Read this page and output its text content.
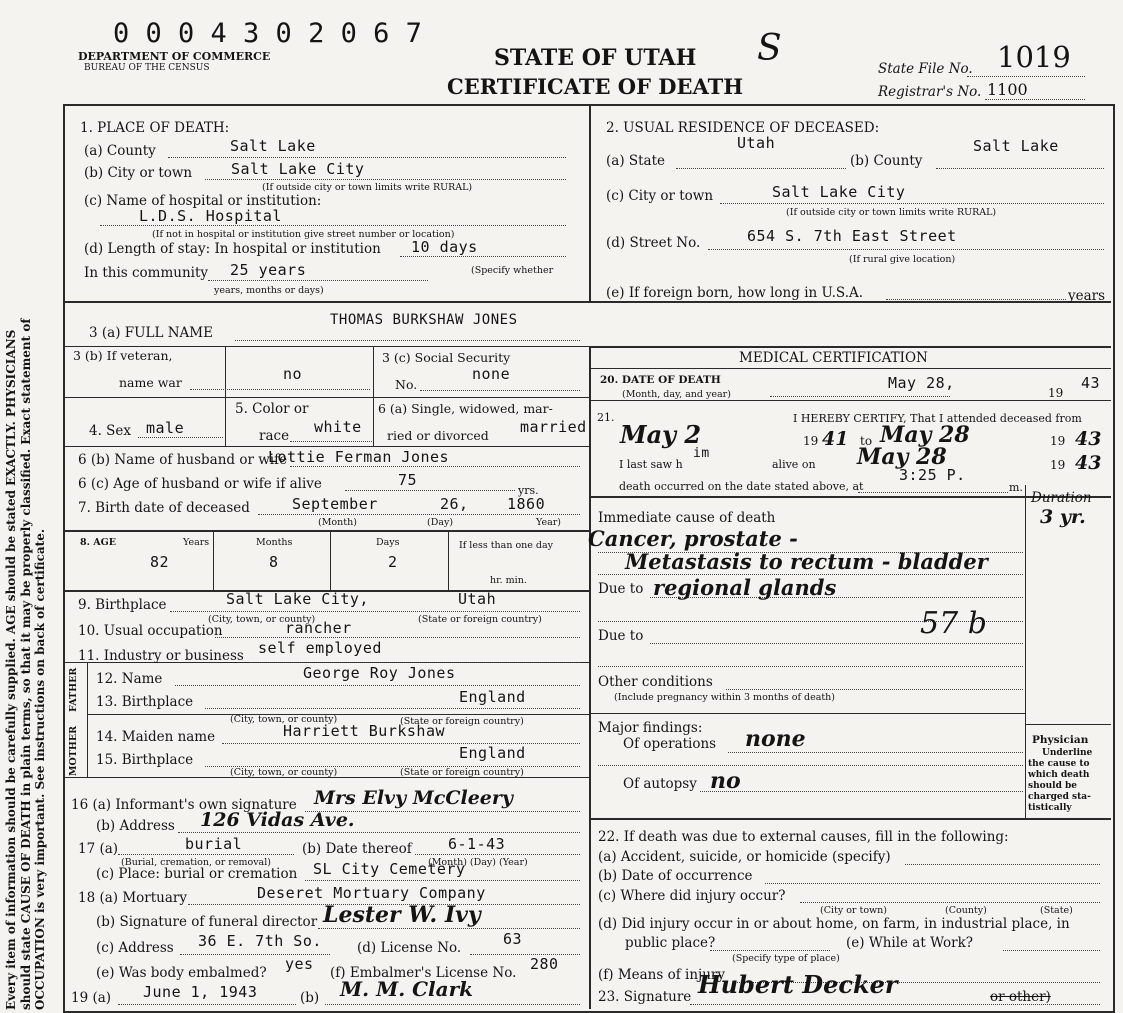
Every item of information should be carefully supplied. AGE should be stated EXACTLY. PHYSICIANS should state CAUSE OF DEATH in plain terms, so that it may be properly classified. Exact statement of OCCUPATION is very important. See instructions on back of certificate.
0 0 0 4 3 0 2 0 6 7
DEPARTMENT OF COMMERCE
BUREAU OF THE CENSUS	STATE OF UTAH S
CERTIFICATE OF DEATH
State File No. 1019
Registrar's No. 1100
1. PLACE OF DEATH:
(a) County	Salt Lake
(b) City or town	Salt Lake City
(If outside city or town limits write RURAL)
(c) Name of hospital or institution:
L.D.S. Hospital
(If not in hospital or institution give street number or location)
(d) Length of stay: In hospital or institution 10 days
In this community 25 years	(Specify whether
years, months or days)
2. USUAL RESIDENCE OF DECEASED:
(a) State
Utah
(b) County
Salt Lake
(c) City or town	Salt Lake City
(If outside city or town limits write RURAL)
(d) Street No.	654 S. 7th East Street
(If rural give location)
(e) If foreign born, how long in U.S.A.	years
3 (a) FULL NAME
THOMAS BURKSHAW JONES
3 (b) If veteran,
name war	no
3 (c) Social Security
No.
none
4. Sex male
5. Color or
race white
6 (a) Single, widowed, mar-
ried or divorced married
6 (b) Name of husband or wife
Lottie Ferman Jones
6 (c) Age of husband or wife if alive	75
yrs.
7. Birth date of deceased	September	26,	1860
(Month)	(Day)	Year)
8. AGE	Years	Months	Days	If less than one day
82	8	2
hr. min.
9. Birthplace	Salt Lake City,	Utah
(City, town, or county)	(State or foreign country)
10. Usual occupation	rancher
11. Industry or business self employed
FATHER
MOTHER
12. Name	George Roy Jones
13. Birthplace	England
(City, town, or county)	(State or foreign country)
14. Maiden name	Harriett Burkshaw
15. Birthplace	England
(City, town, or county)	(State or foreign country)
16 (a) Informant's own signature Mrs Elvy McCleery
(b) Address 126 Vidas Ave.
17 (a)	burial
(Burial, cremation, or removal)
(b) Date thereof 6-1-43
(Month) (Day) (Year)
(c) Place: burial or cremation SL City Cemetery
18 (a) Mortuary	Deseret Mortuary Company
(b) Signature of funeral director Lester W. Ivy
(c) Address 36 E. 7th So.	(d) License No.	63
(e) Was body embalmed? yes (f) Embalmer's License No. 280
19 (a) June 1, 1943	(b) M. M. Clark
MEDICAL CERTIFICATION
20. DATE OF DEATH
(Month, day, and year)
May 28,
19
43
21.	I HEREBY CERTIFY, That I attended deceased from
May 2	19 41 to May 28	19 43
I last saw h
im
alive on May 28	19 43
death occurred on the date stated above, at
3:25 P.
m.
Duration
3 yr.
Immediate cause of death
Cancer, prostate -
Metastasis to rectum - bladder
Due to regional glands
Due to	57 b
Other conditions
(Include pregnancy within 3 months of death)
Major findings:
Of operations none
Of autopsy no
Physician
Underline
the cause to
which death
should be
charged sta-
tistically
22. If death was due to external causes, fill in the following:
(a) Accident, suicide, or homicide (specify)
(b) Date of occurrence
(c) Where did injury occur?
(City or town)	(County)	(State)
(d) Did injury occur in or about home, on farm, in industrial place, in
public place?	(e) While at Work?
(Specify type of place)
(f) Means of injury
23. Signature Hubert Decker	or other)
